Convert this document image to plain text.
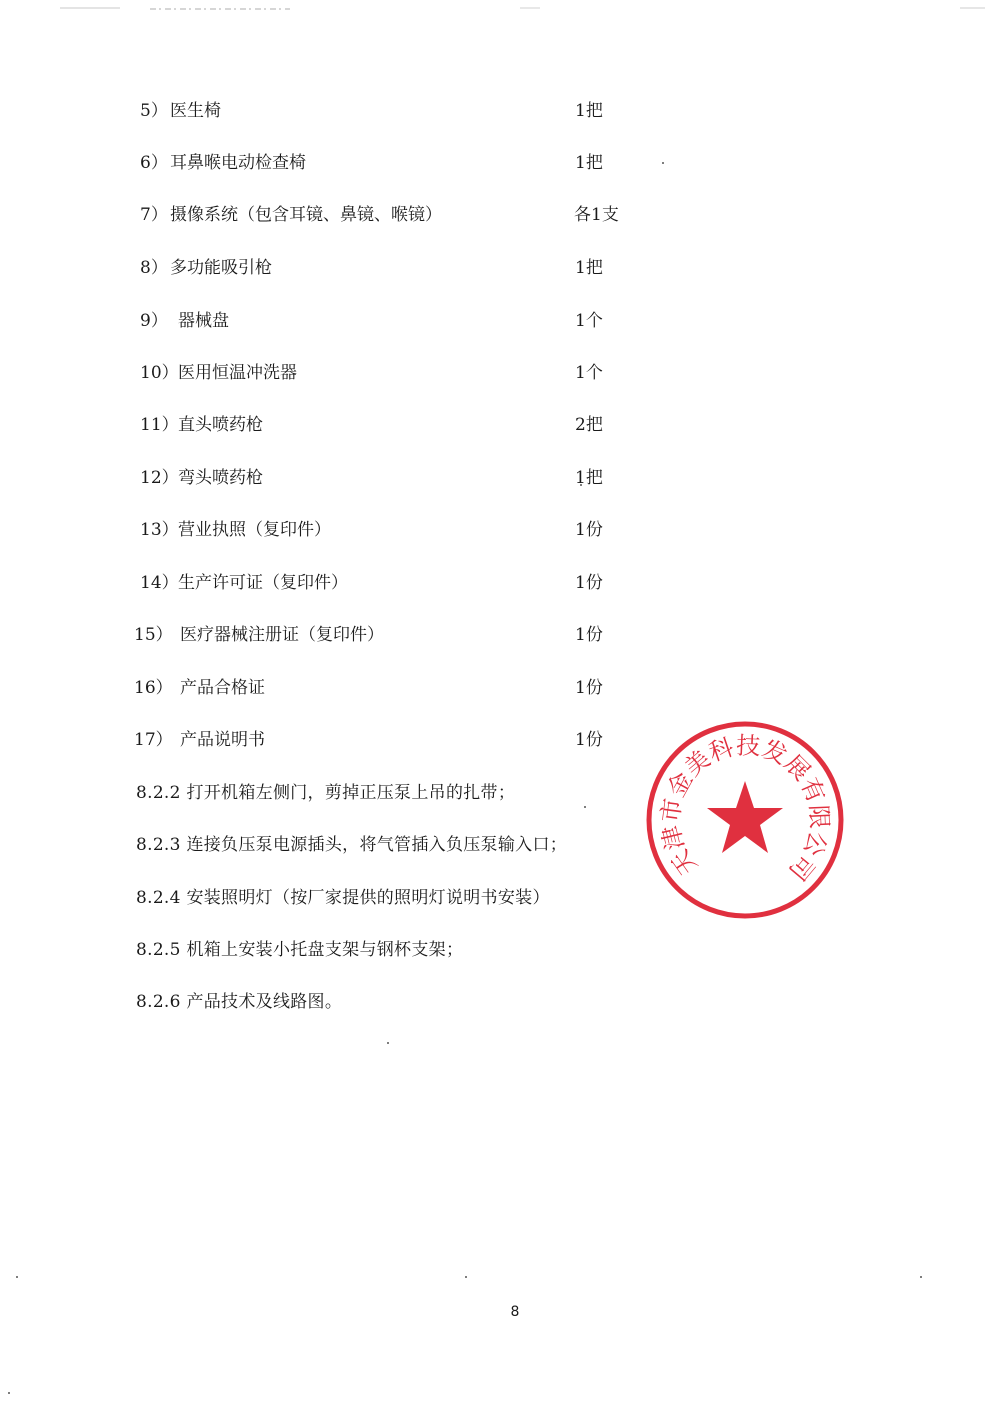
5） 医生椅	1把
6） 耳鼻喉电动检查椅	1把
7） 摄像系统（包含耳镜、鼻镜、喉镜）	各1支
8） 多功能吸引枪	1把
9） 器械盘	1个
10） 医用恒温冲洗器	1个
11） 直头喷药枪	2把
12） 弯头喷药枪	1把
13） 营业执照（复印件）	1份
14） 生产许可证（复印件）	1份
15） 医疗器械注册证（复印件）	1份
16） 产品合格证	1份
17） 产品说明书	1份
8.2.2 打开机箱左侧门，剪掉正压泵上吊的扎带；
8.2.3 连接负压泵电源插头，将气管插入负压泵输入口；
8.2.4 安装照明灯（按厂家提供的照明灯说明书安装）
8.2.5 机箱上安装小托盘支架与钢杯支架；
8.2.6 产品技术及线路图。
天
津
市
金
美
科
技
发
展
有
限
公
司
8
